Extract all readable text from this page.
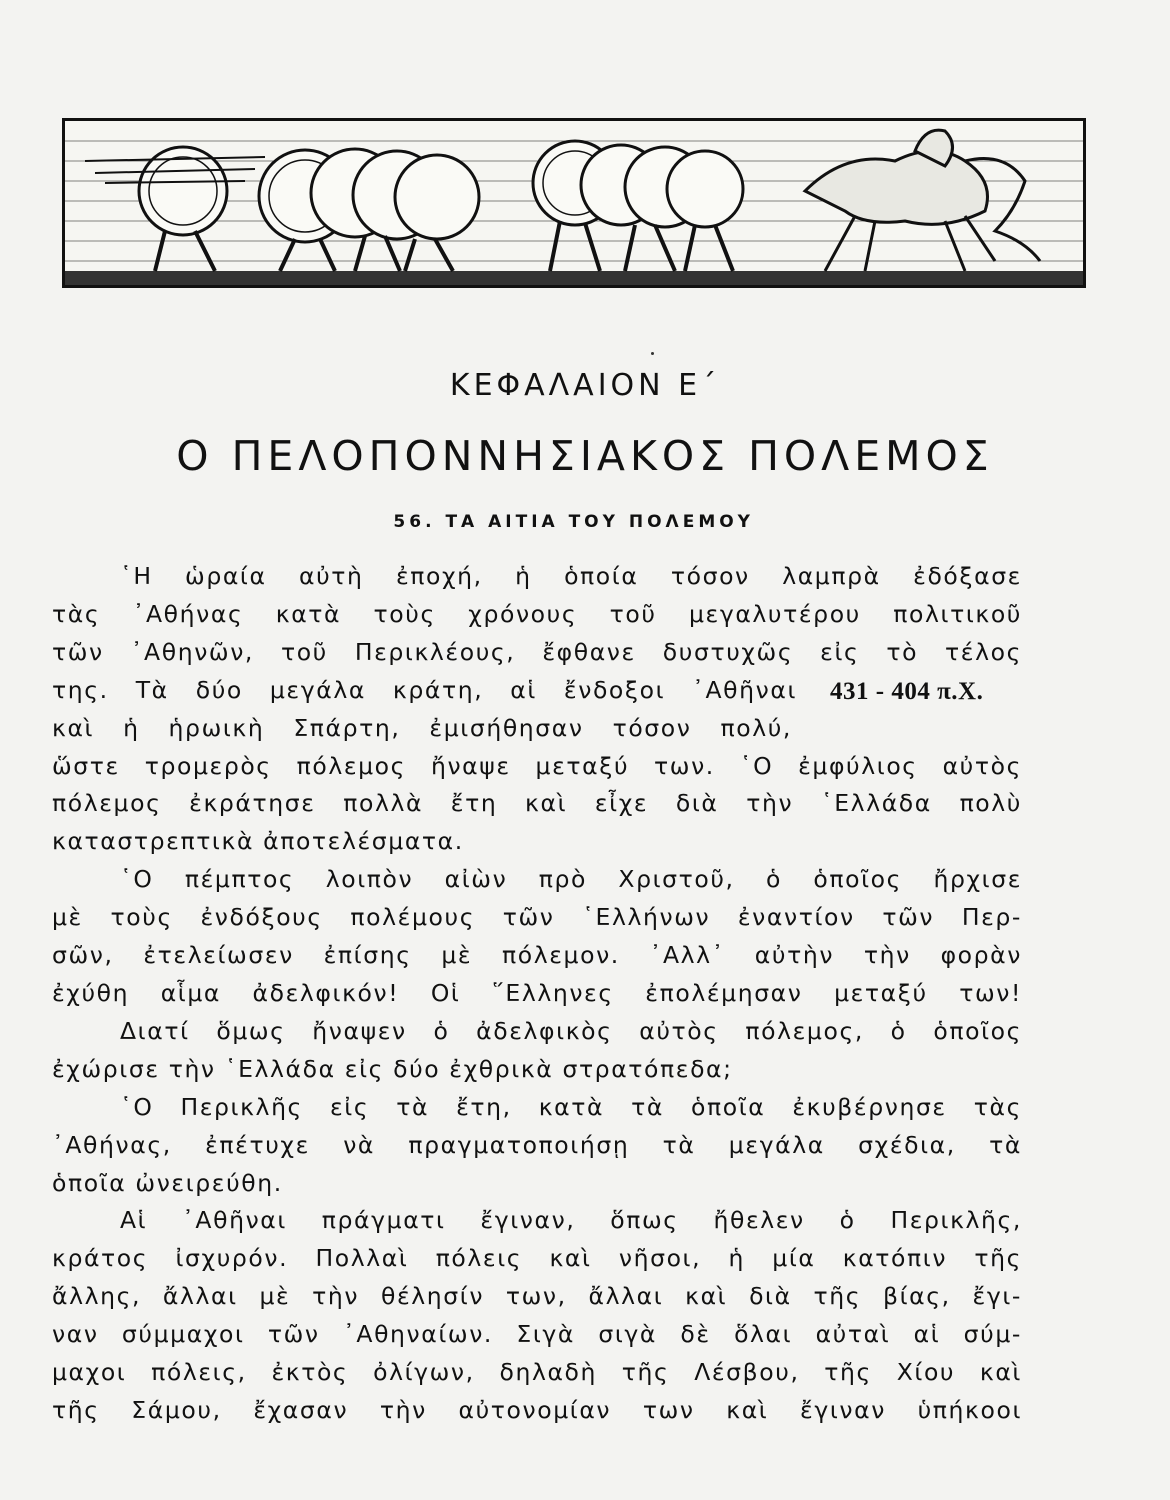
ΚΕΦΑΛΑΙΟΝ Ε΄
Ο ΠΕΛΟΠΟΝΝΗΣΙΑΚΟΣ ΠΟΛΕΜΟΣ
56. ΤΑ ΑΙΤΙΑ ΤΟΥ ΠΟΛΕΜΟΥ
431 - 404 π.Χ.
῾Η ὡραία αὐτὴ ἐποχή, ἡ ὁποία τόσον λαμπρὰ ἐδόξασε
τὰς ᾿Αθήνας κατὰ τοὺς χρόνους τοῦ μεγαλυτέρου πολιτικοῦ
τῶν ᾿Αθηνῶν, τοῦ Περικλέους, ἔφθανε δυστυχῶς εἰς τὸ τέλος
της. Τὰ δύο μεγάλα κράτη, αἱ ἔνδοξοι ᾿Αθῆναι
καὶ ἡ ἡρωικὴ Σπάρτη, ἐμισήθησαν τόσον πολύ,
ὥστε τρομερὸς πόλεμος ἤναψε μεταξύ των. ῾Ο ἐμφύλιος αὐτὸς
πόλεμος ἐκράτησε πολλὰ ἔτη καὶ εἶχε διὰ τὴν ῾Ελλάδα πολὺ
καταστρεπτικὰ ἀποτελέσματα.
῾Ο πέμπτος λοιπὸν αἰὼν πρὸ Χριστοῦ, ὁ ὁποῖος ἤρχισε
μὲ τοὺς ἐνδόξους πολέμους τῶν ῾Ελλήνων ἐναντίον τῶν Περ-
σῶν, ἐτελείωσεν ἐπίσης μὲ πόλεμον. ᾿Αλλ᾿ αὐτὴν τὴν φορὰν
ἐχύθη αἷμα ἀδελφικόν! Οἱ ῞Ελληνες ἐπολέμησαν μεταξύ των!
Διατί ὅμως ἤναψεν ὁ ἀδελφικὸς αὐτὸς πόλεμος, ὁ ὁποῖος
ἐχώρισε τὴν ῾Ελλάδα εἰς δύο ἐχθρικὰ στρατόπεδα;
῾Ο Περικλῆς εἰς τὰ ἔτη, κατὰ τὰ ὁποῖα ἐκυβέρνησε τὰς
᾿Αθήνας, ἐπέτυχε νὰ πραγματοποιήσῃ τὰ μεγάλα σχέδια, τὰ
ὁποῖα ὠνειρεύθη.
Αἱ ᾿Αθῆναι πράγματι ἔγιναν, ὅπως ἤθελεν ὁ Περικλῆς,
κράτος ἰσχυρόν. Πολλαὶ πόλεις καὶ νῆσοι, ἡ μία κατόπιν τῆς
ἄλλης, ἄλλαι μὲ τὴν θέλησίν των, ἄλλαι καὶ διὰ τῆς βίας, ἔγι-
ναν σύμμαχοι τῶν ᾿Αθηναίων. Σιγὰ σιγὰ δὲ ὅλαι αὐταὶ αἱ σύμ-
μαχοι πόλεις, ἐκτὸς ὀλίγων, δηλαδὴ τῆς Λέσβου, τῆς Χίου καὶ
τῆς Σάμου, ἔχασαν τὴν αὐτονομίαν των καὶ ἔγιναν ὑπήκοοι
